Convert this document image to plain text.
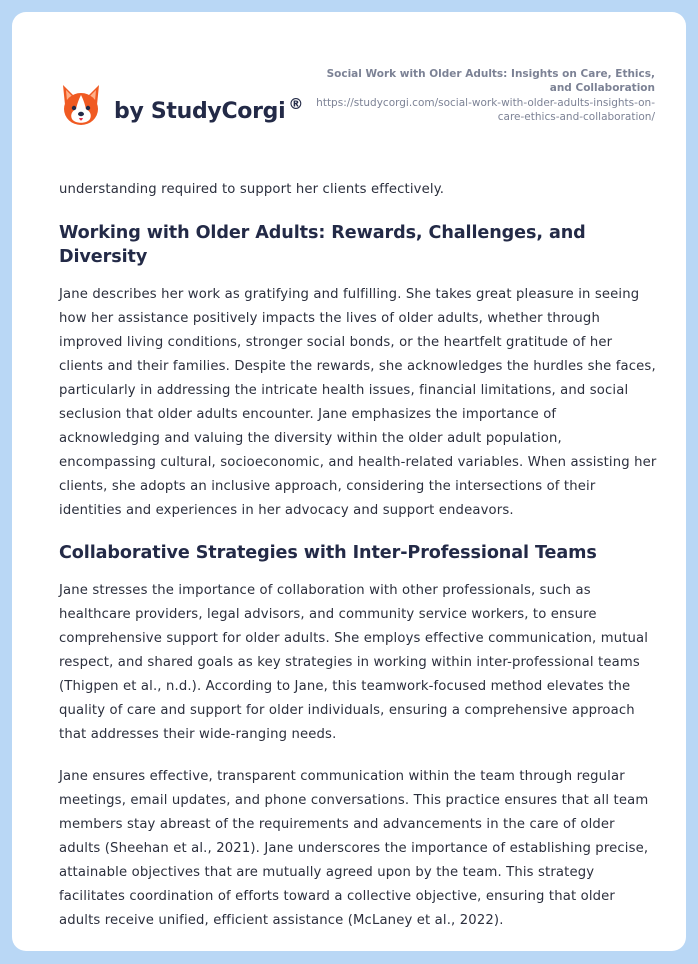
by StudyCorgi ®
Social Work with Older Adults: Insights on Care, Ethics, and Collaboration
https://studycorgi.com/social-work-with-older-adults-insights-on-care-ethics-and-collaboration/

understanding required to support her clients effectively.

Working with Older Adults: Rewards, Challenges, and Diversity

Jane describes her work as gratifying and fulfilling. She takes great pleasure in seeing how her assistance positively impacts the lives of older adults, whether through improved living conditions, stronger social bonds, or the heartfelt gratitude of her clients and their families. Despite the rewards, she acknowledges the hurdles she faces, particularly in addressing the intricate health issues, financial limitations, and social seclusion that older adults encounter. Jane emphasizes the importance of acknowledging and valuing the diversity within the older adult population, encompassing cultural, socioeconomic, and health-related variables. When assisting her clients, she adopts an inclusive approach, considering the intersections of their identities and experiences in her advocacy and support endeavors.

Collaborative Strategies with Inter-Professional Teams

Jane stresses the importance of collaboration with other professionals, such as healthcare providers, legal advisors, and community service workers, to ensure comprehensive support for older adults. She employs effective communication, mutual respect, and shared goals as key strategies in working within inter-professional teams (Thigpen et al., n.d.). According to Jane, this teamwork-focused method elevates the quality of care and support for older individuals, ensuring a comprehensive approach that addresses their wide-ranging needs.

Jane ensures effective, transparent communication within the team through regular meetings, email updates, and phone conversations. This practice ensures that all team members stay abreast of the requirements and advancements in the care of older adults (Sheehan et al., 2021). Jane underscores the importance of establishing precise, attainable objectives that are mutually agreed upon by the team. This strategy facilitates coordination of efforts toward a collective objective, ensuring that older adults receive unified, efficient assistance (McLaney et al., 2022).
